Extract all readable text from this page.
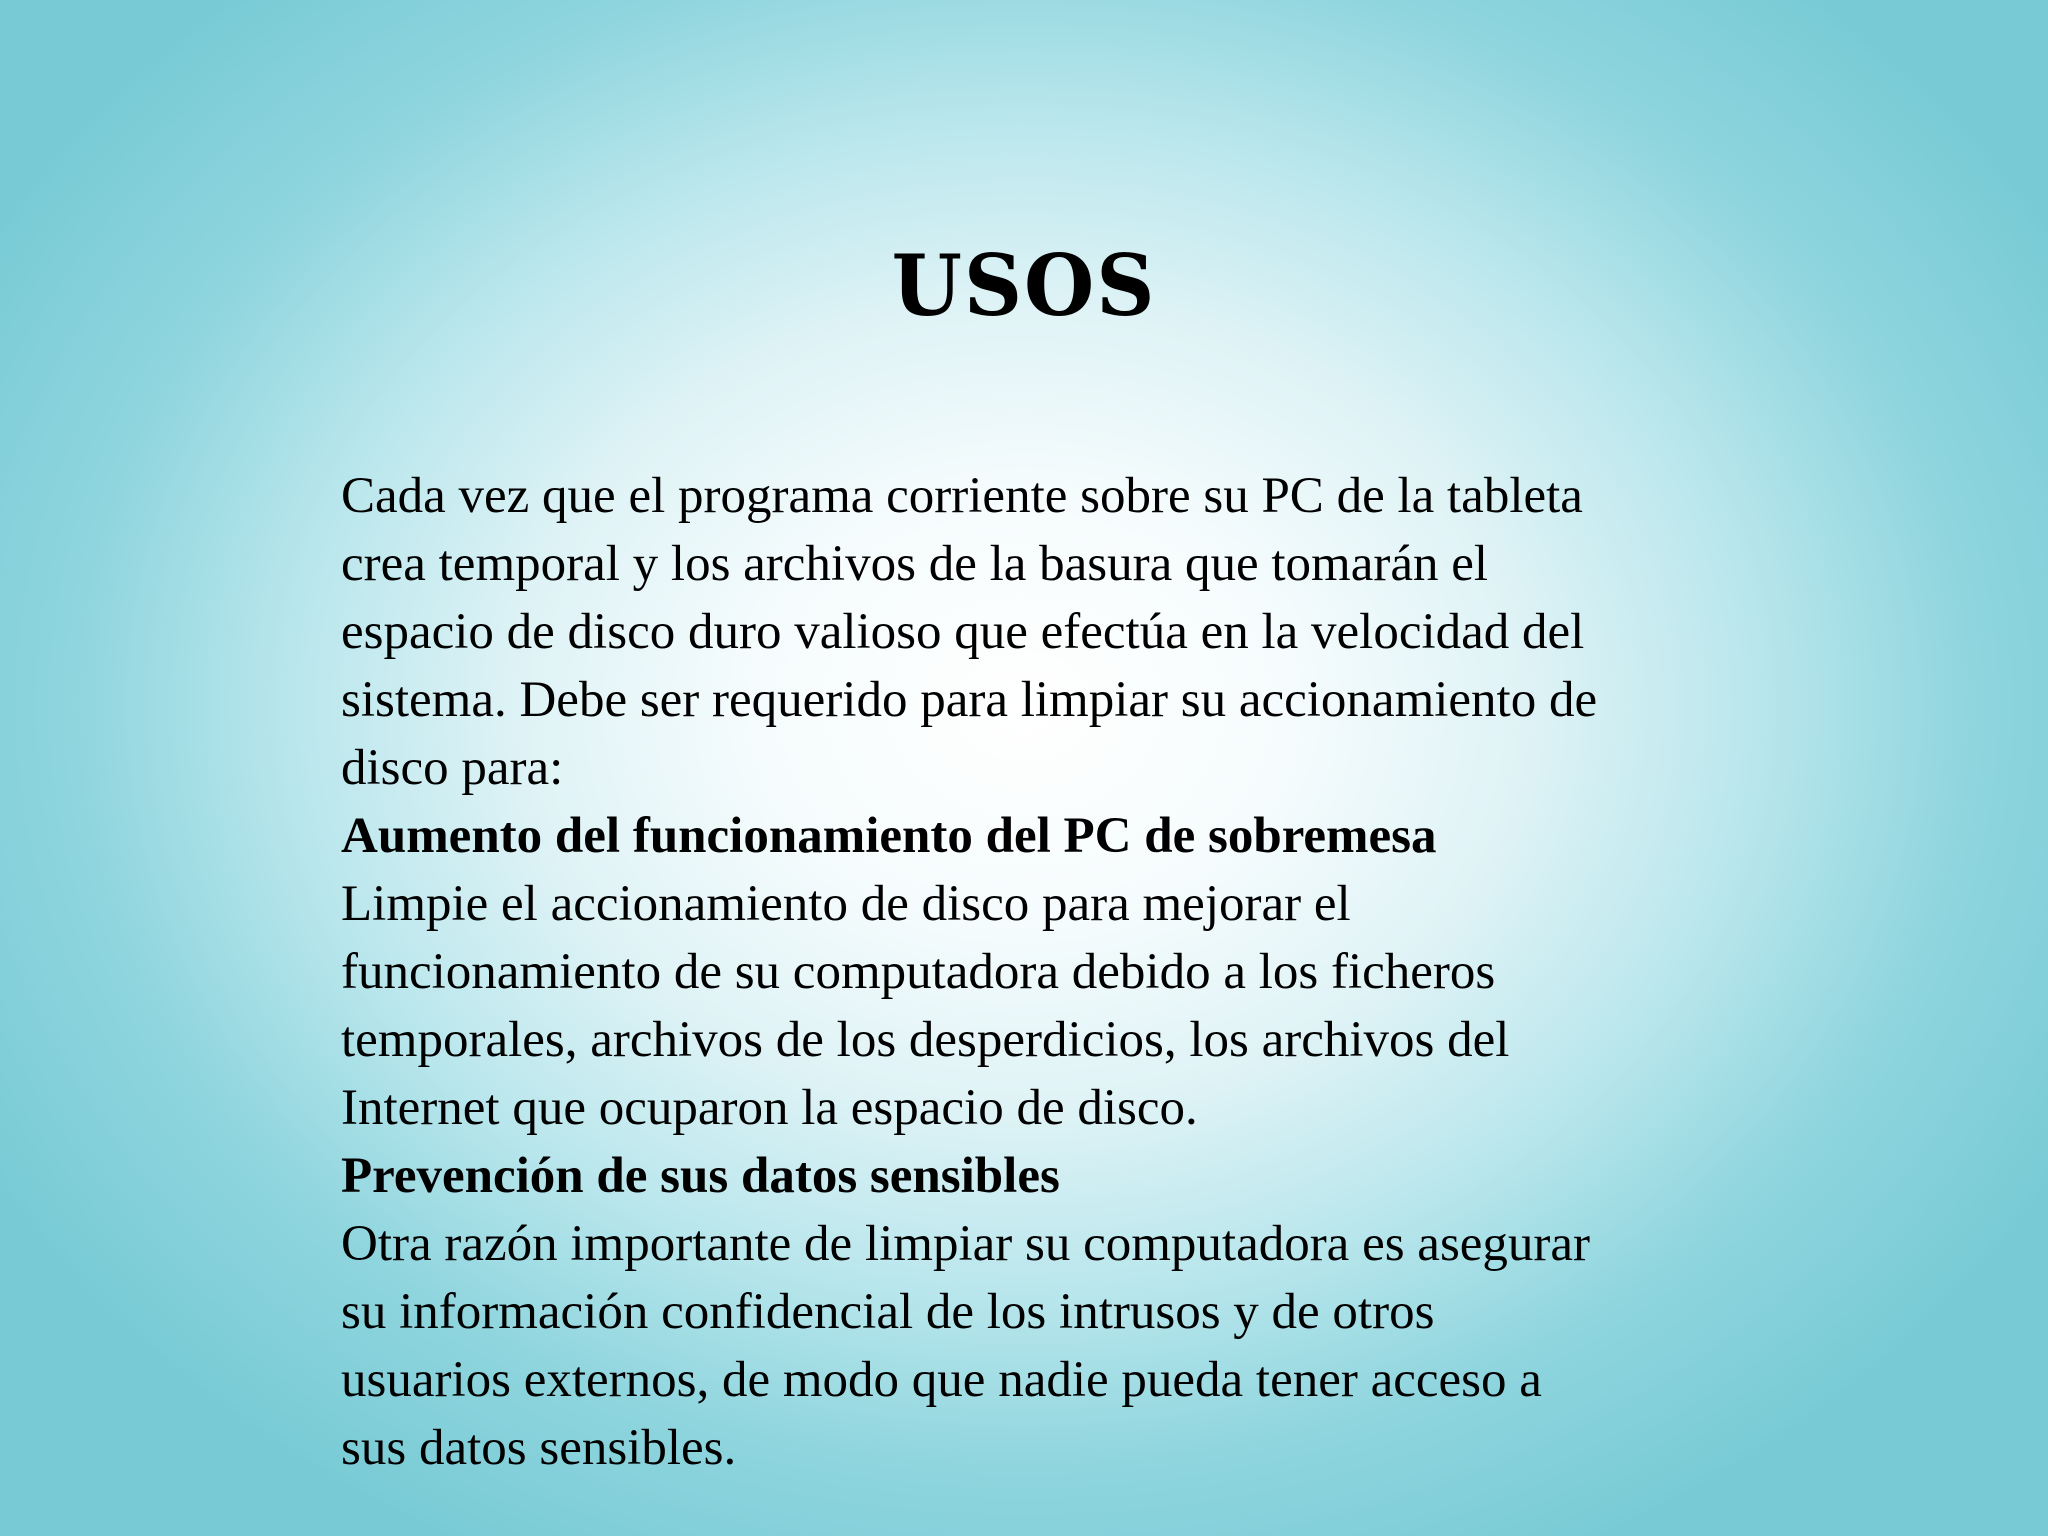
USOS
Cada vez que el programa corriente sobre su PC de la tableta
crea temporal y los archivos de la basura que tomarán el
espacio de disco duro valioso que efectúa en la velocidad del
sistema. Debe ser requerido para limpiar su accionamiento de
disco para:
Aumento del funcionamiento del PC de sobremesa
Limpie el accionamiento de disco para mejorar el
funcionamiento de su computadora debido a los ficheros
temporales, archivos de los desperdicios, los archivos del
Internet que ocuparon la espacio de disco.
Prevención de sus datos sensibles
Otra razón importante de limpiar su computadora es asegurar
su información confidencial de los intrusos y de otros
usuarios externos, de modo que nadie pueda tener acceso a
sus datos sensibles.
